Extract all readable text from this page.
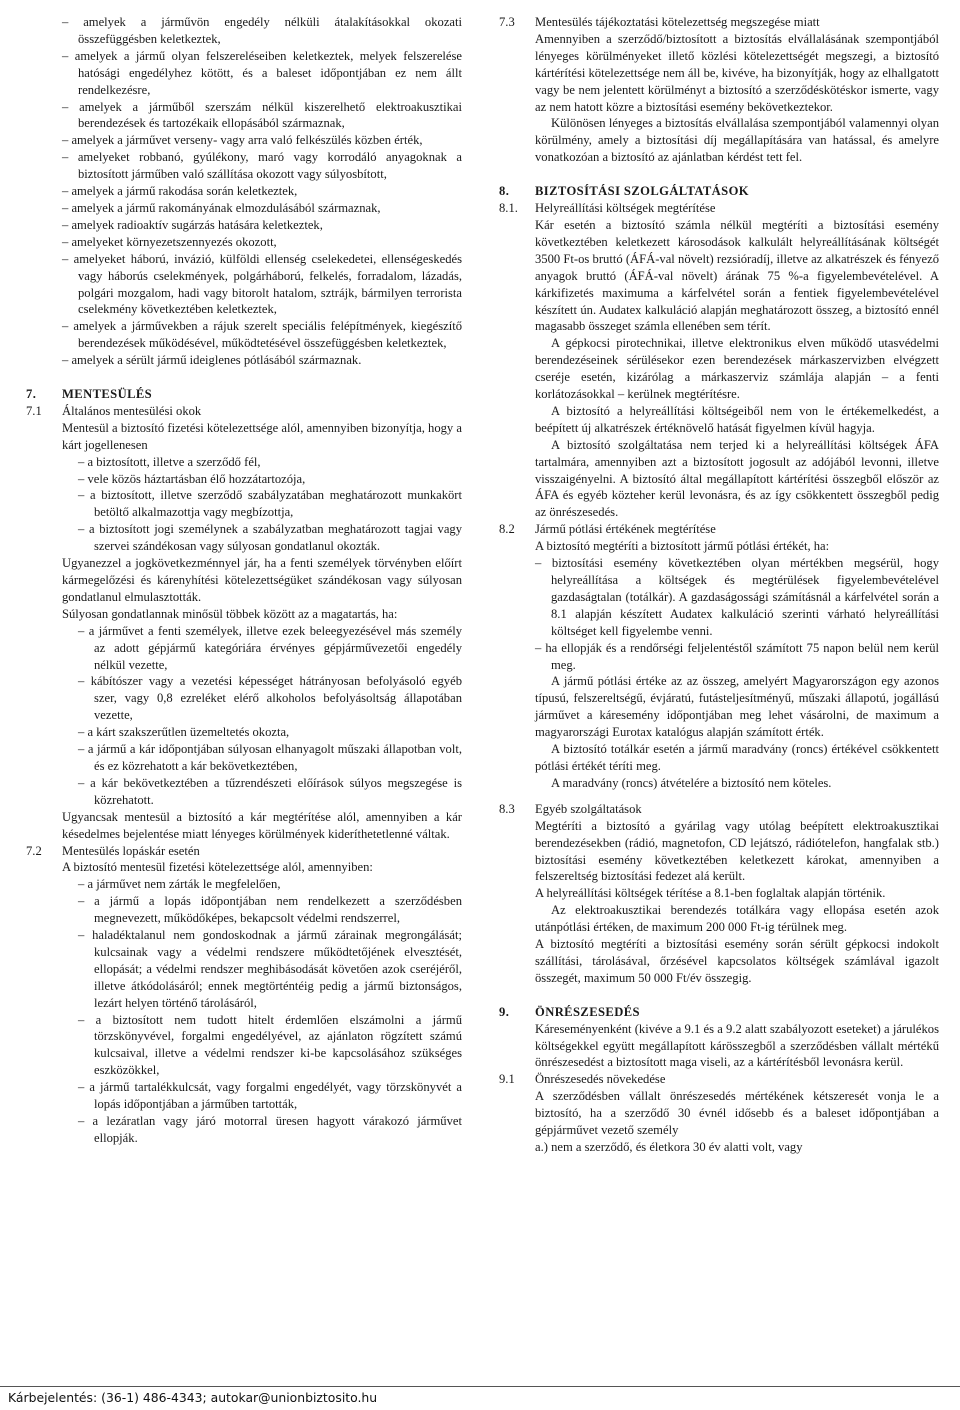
– amelyek a járművön engedély nélküli átalakításokkal okozati összefüggésben keletkeztek,

– amelyek a jármű olyan felszereléseiben keletkeztek, melyek felszerelése hatósági engedélyhez kötött, és a baleset időpontjában ez nem állt rendelkezésre,

– amelyek a járműből szerszám nélkül kiszerelhető elektroakusztikai berendezések és tartozékaik ellopásából származnak,

– amelyek a járművet verseny- vagy arra való felkészülés közben érték,

– amelyeket robbanó, gyúlékony, maró vagy korrodáló anyagoknak a biztosított járműben való szállítása okozott vagy súlyosbított,

– amelyek a jármű rakodása során keletkeztek,

– amelyek a jármű rakományának elmozdulásából származnak,

– amelyek radioaktív sugárzás hatására keletkeztek,

– amelyeket környezetszennyezés okozott,

– amelyeket háború, invázió, külföldi ellenség cselekedetei, ellenségeskedés vagy háborús cselekmények, polgárháború, felkelés, forradalom, lázadás, polgári mozgalom, hadi vagy bitorolt hatalom, sztrájk, bármilyen terrorista cselekmény következtében keletkeztek,

– amelyek a járművekben a rájuk szerelt speciális felépítmények, kiegészítő berendezések működésével, működtetésével összefüggésben keletkeztek,

– amelyek a sérült jármű ideiglenes pótlásából származnak.

7. MENTESÜLÉS

7.1 Általános mentesülési okok

Mentesül a biztosító fizetési kötelezettsége alól, amennyiben bizonyítja, hogy a kárt jogellenesen

– a biztosított, illetve a szerződő fél,

– vele közös háztartásban élő hozzátartozója,

– a biztosított, illetve szerződő szabályzatában meghatározott munkakört betöltő alkalmazottja vagy megbízottja,

– a biztosított jogi személynek a szabályzatban meghatározott tagjai vagy szervei szándékosan vagy súlyosan gondatlanul okozták.

Ugyanezzel a jogkövetkezménnyel jár, ha a fenti személyek törvényben előírt kármegelőzési és kárenyhítési kötelezettségüket szándékosan vagy súlyosan gondatlanul elmulasztották.

Súlyosan gondatlannak minősül többek között az a magatartás, ha:

– a járművet a fenti személyek, illetve ezek beleegyezésével más személy az adott gépjármű kategóriára érvényes gépjárművezetői engedély nélkül vezette,

– kábítószer vagy a vezetési képességet hátrányosan befolyásoló egyéb szer, vagy 0,8 ezreléket elérő alkoholos befolyásoltság állapotában vezette,

– a kárt szakszerűtlen üzemeltetés okozta,

– a jármű a kár időpontjában súlyosan elhanyagolt műszaki állapotban volt, és ez közrehatott a kár bekövetkeztében,

– a kár bekövetkeztében a tűzrendészeti előírások súlyos megszegése is közrehatott.

Ugyancsak mentesül a biztosító a kár megtérítése alól, amennyiben a kár késedelmes bejelentése miatt lényeges körülmények kideríthetetlenné váltak.

7.2 Mentesülés lopáskár esetén

A biztosító mentesül fizetési kötelezettsége alól, amennyiben:

– a járművet nem zárták le megfelelően,

– a jármű a lopás időpontjában nem rendelkezett a szerződésben megnevezett, működőképes, bekapcsolt védelmi rendszerrel,

– haladéktalanul nem gondoskodnak a jármű zárainak megrongálását; kulcsainak vagy a védelmi rendszere működtetőjének elvesztését, ellopását; a védelmi rendszer meghibásodását követően azok cseréjéről, illetve átkódolásáról; ennek megtörténtéig pedig a jármű biztonságos, lezárt helyen történő tárolásáról,

– a biztosított nem tudott hitelt érdemlően elszámolni a jármű törzskönyvével, forgalmi engedélyével, az ajánlaton rögzített számú kulcsaival, illetve a védelmi rendszer ki-be kapcsolásához szükséges eszközökkel,

– a jármű tartalékkulcsát, vagy forgalmi engedélyét, vagy törzskönyvét a lopás időpontjában a járműben tartották,

– a lezáratlan vagy járó motorral üresen hagyott várakozó járművet ellopják.

7.3 Mentesülés tájékoztatási kötelezettség megszegése miatt

Amennyiben a szerződő/biztosított a biztosítás elvállalásának szempontjából lényeges körülményeket illető közlési kötelezettségét megszegi, a biztosító kártérítési kötelezettsége nem áll be, kivéve, ha bizonyítják, hogy az elhallgatott vagy be nem jelentett körülményt a biztosító a szerződéskötéskor ismerte, vagy az nem hatott közre a biztosítási esemény bekövetkeztekor.

Különösen lényeges a biztosítás elvállalása szempontjából valamennyi olyan körülmény, amely a biztosítási díj megállapítására van hatással, és amelyre vonatkozóan a biztosító az ajánlatban kérdést tett fel.

8. BIZTOSÍTÁSI SZOLGÁLTATÁSOK

8.1. Helyreállítási költségek megtérítése

Kár esetén a biztosító számla nélkül megtéríti a biztosítási esemény következtében keletkezett károsodások kalkulált helyreállításának költségét 3500 Ft-os bruttó (ÁFÁ-val növelt) rezsióradíj, illetve az alkatrészek és fényező anyagok bruttó (ÁFÁ-val növelt) árának 75 %-a figyelembevételével. A kárkifizetés maximuma a kárfelvétel során a fentiek figyelembevételével készített ún. Audatex kalkuláció alapján meghatározott összeg, a biztosító ennél magasabb összeget számla ellenében sem térít.

A gépkocsi pirotechnikai, illetve elektronikus elven működő utasvédelmi berendezéseinek sérülésekor ezen berendezések márkaszervizben elvégzett cseréje esetén, kizárólag a márkaszerviz számlája alapján – a fenti korlátozásokkal – kerülnek megtérítésre.

A biztosító a helyreállítási költségeiből nem von le értékemelkedést, a beépített új alkatrészek értéknövelő hatását figyelmen kívül hagyja.

A biztosító szolgáltatása nem terjed ki a helyreállítási költségek ÁFA tartalmára, amennyiben azt a biztosított jogosult az adójából levonni, illetve visszaigényelni. A biztosító által megállapított kártérítési összegből először az ÁFA és egyéb közteher kerül levonásra, és az így csökkentett összegből pedig az önrészesedés.

8.2 Jármű pótlási értékének megtérítése

A biztosító megtéríti a biztosított jármű pótlási értékét, ha:

– biztosítási esemény következtében olyan mértékben megsérül, hogy helyreállítása a költségek és megtérülések figyelembevételével gazdaságtalan (totálkár). A gazdaságossági számításnál a kárfelvétel során a 8.1 alapján készített Audatex kalkuláció szerinti várható helyreállítási költséget kell figyelembe venni.

– ha ellopják és a rendőrségi feljelentéstől számított 75 napon belül nem kerül meg.

A jármű pótlási értéke az az összeg, amelyért Magyarországon egy azonos típusú, felszereltségű, évjáratú, futásteljesítményű, műszaki állapotú, jogállású járművet a káresemény időpontjában meg lehet vásárolni, de maximum a magyarországi Eurotax katalógus alapján számított érték.

A biztosító totálkár esetén a jármű maradvány (roncs) értékével csökkentett pótlási értékét téríti meg.

A maradvány (roncs) átvételére a biztosító nem köteles.

8.3 Egyéb szolgáltatások

Megtéríti a biztosító a gyárilag vagy utólag beépített elektroakusztikai berendezésekben (rádió, magnetofon, CD lejátszó, rádiótelefon, hangfalak stb.) biztosítási esemény következtében keletkezett károkat, amennyiben a felszereltség biztosítási fedezet alá került.

A helyreállítási költségek térítése a 8.1-ben foglaltak alapján történik.

Az elektroakusztikai berendezés totálkára vagy ellopása esetén azok utánpótlási értéken, de maximum 200 000 Ft-ig térülnek meg.

A biztosító megtéríti a biztosítási esemény során sérült gépkocsi indokolt szállítási, tárolásával, őrzésével kapcsolatos költségek számlával igazolt összegét, maximum 50 000 Ft/év összegig.

9. ÖNRÉSZESEDÉS

Káreseményenként (kivéve a 9.1 és a 9.2 alatt szabályozott eseteket) a járulékos költségekkel együtt megállapított kárösszegből a szerződésben vállalt mértékű önrészesedést a biztosított maga viseli, az a kártérítésből levonásra kerül.

9.1 Önrészesedés növekedése

A szerződésben vállalt önrészesedés mértékének kétszeresét vonja le a biztosító, ha a szerződő 30 évnél idősebb és a baleset időpontjában a gépjárművet vezető személy

a.) nem a szerződő, és életkora 30 év alatti volt, vagy

Kárbejelentés: (36-1) 486-4343; autokar@unionbiztosito.hu
